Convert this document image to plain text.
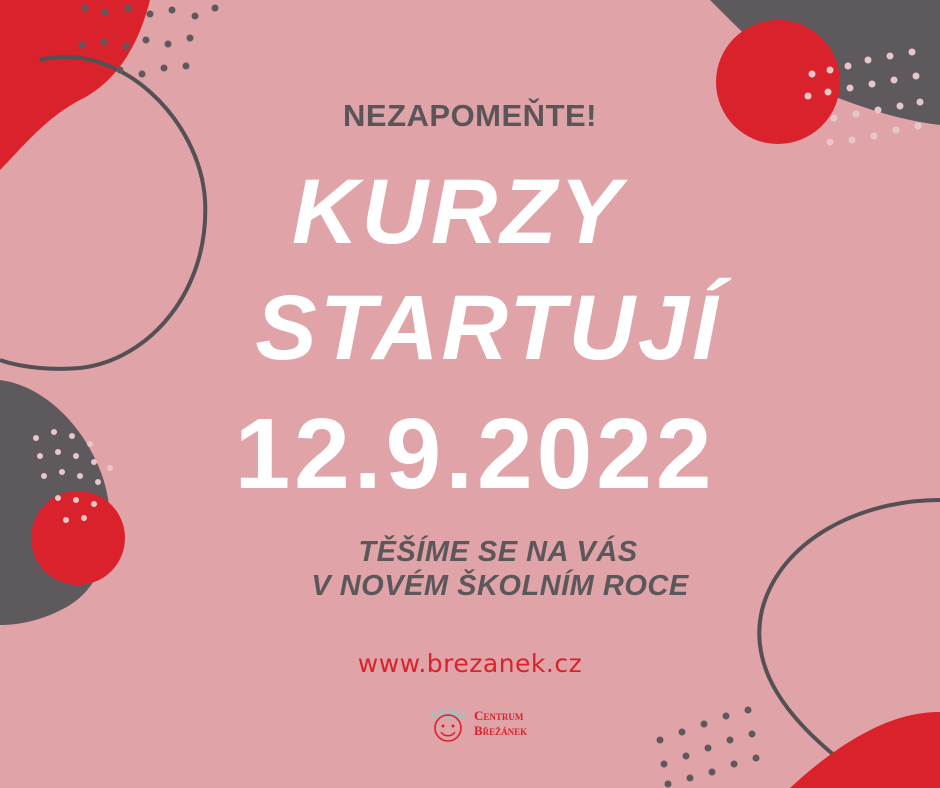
NEZAPOMEŇTE!

KURZY

STARTUJÍ

12.9.2022

TĚŠÍME SE NA VÁS

V NOVÉM ŠKOLNÍM ROCE

www.brezanek.cz

Centrum
Břežánek
